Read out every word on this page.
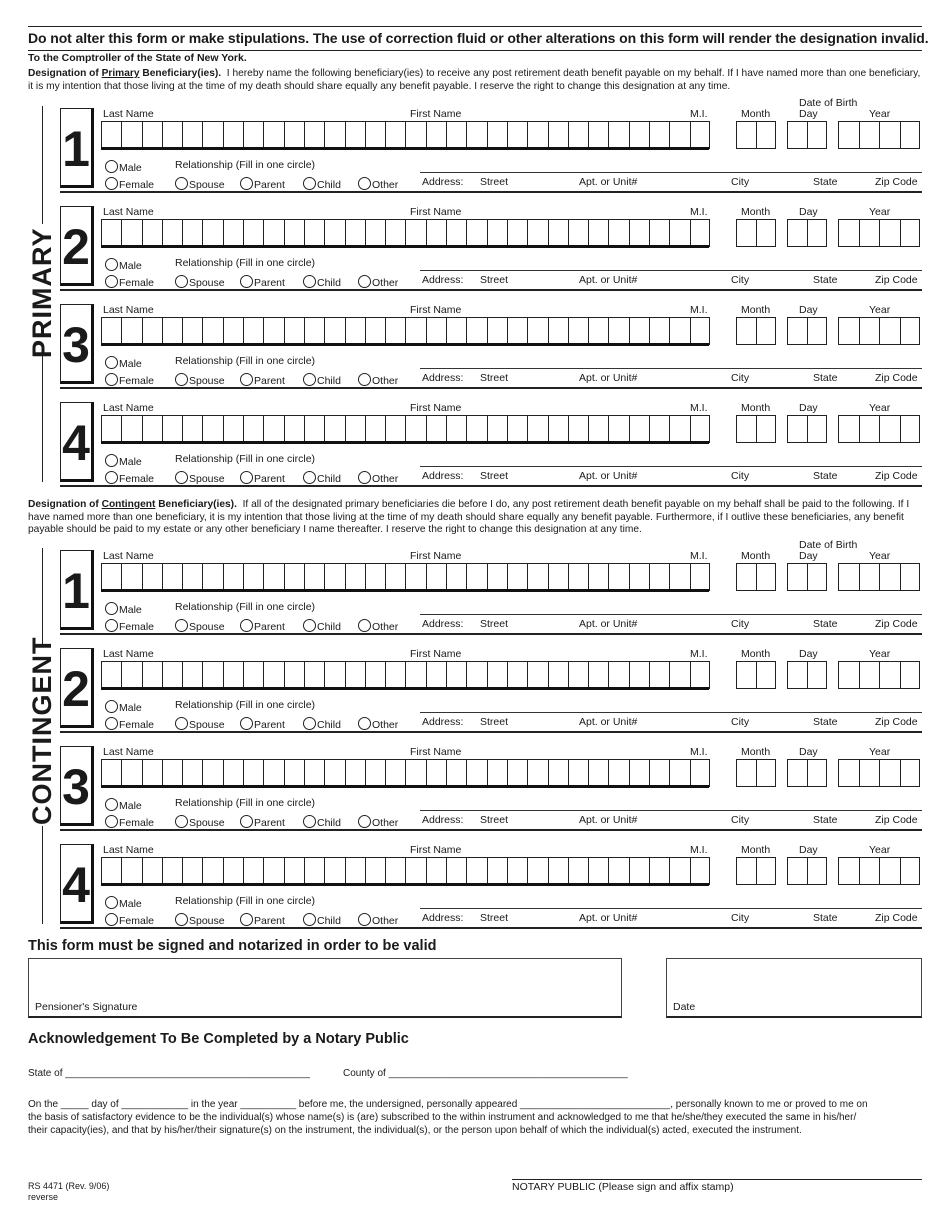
Do not alter this form or make stipulations. The use of correction fluid or other alterations on this form will render the designation invalid.
To the Comptroller of the State of New York.
Designation of Primary Beneficiary(ies). I hereby name the following beneficiary(ies) to receive any post retirement death benefit payable on my behalf. If I have named more than one beneficiary, it is my intention that those living at the time of my death should share equally any benefit payable. I reserve the right to change this designation at any time.
1
Last Name	First Name	M.I.	Month	Day	Year
Date of Birth
Male	Relationship (Fill in one circle)
Female	Spouse	Parent	Child	Other Address: Street	Apt. or Unit#	City	State	Zip Code
2
Last Name	First Name	M.I.	Month	Day	Year
Male	Relationship (Fill in one circle)
Female	Spouse	Parent	Child	Other Address: Street	Apt. or Unit#	City	State	Zip Code
3
Last Name	First Name	M.I.	Month	Day	Year
Male	Relationship (Fill in one circle)
Female	Spouse	Parent	Child	Other Address: Street	Apt. or Unit#	City	State	Zip Code
4
Last Name	First Name	M.I.	Month	Day	Year
Male	Relationship (Fill in one circle)
Female	Spouse	Parent	Child	Other Address: Street	Apt. or Unit#	City	State	Zip Code
PRIMARY
Designation of Contingent Beneficiary(ies). If all of the designated primary beneficiaries die before I do, any post retirement death benefit payable on my behalf shall be paid to the following. If I have named more than one beneficiary, it is my intention that those living at the time of my death should share equally any benefit payable. Furthermore, if I outlive these beneficiaries, any benefit payable should be paid to my estate or any other beneficiary I name thereafter. I reserve the right to change this designation at any time.
1
Last Name	First Name	M.I.	Month	Day	Year
Date of Birth
Male	Relationship (Fill in one circle)
Female	Spouse	Parent	Child	Other Address: Street	Apt. or Unit#	City	State	Zip Code
2
Last Name	First Name	M.I.	Month	Day	Year
Male	Relationship (Fill in one circle)
Female	Spouse	Parent	Child	Other Address: Street	Apt. or Unit#	City	State	Zip Code
3
Last Name	First Name	M.I.	Month	Day	Year
Male	Relationship (Fill in one circle)
Female	Spouse	Parent	Child	Other Address: Street	Apt. or Unit#	City	State	Zip Code
4
Last Name	First Name	M.I.	Month	Day	Year
Male	Relationship (Fill in one circle)
Female	Spouse	Parent	Child	Other Address: Street	Apt. or Unit#	City	State	Zip Code
CONTINGENT
This form must be signed and notarized in order to be valid
Pensioner's Signature	Date
Acknowledgement To Be Completed by a Notary Public
State of ____________________________________________	County of ___________________________________________
On the _____ day of ____________ in the year __________ before me, the undersigned, personally appeared ___________________________, personally known to me or proved to me on
the basis of satisfactory evidence to be the individual(s) whose name(s) is (are) subscribed to the within instrument and acknowledged to me that he/she/they executed the same in his/her/
their capacity(ies), and that by his/her/their signature(s) on the instrument, the individual(s), or the person upon behalf of which the individual(s) acted, executed the instrument.
NOTARY PUBLIC (Please sign and affix stamp)
RS 4471 (Rev. 9/06)
reverse
